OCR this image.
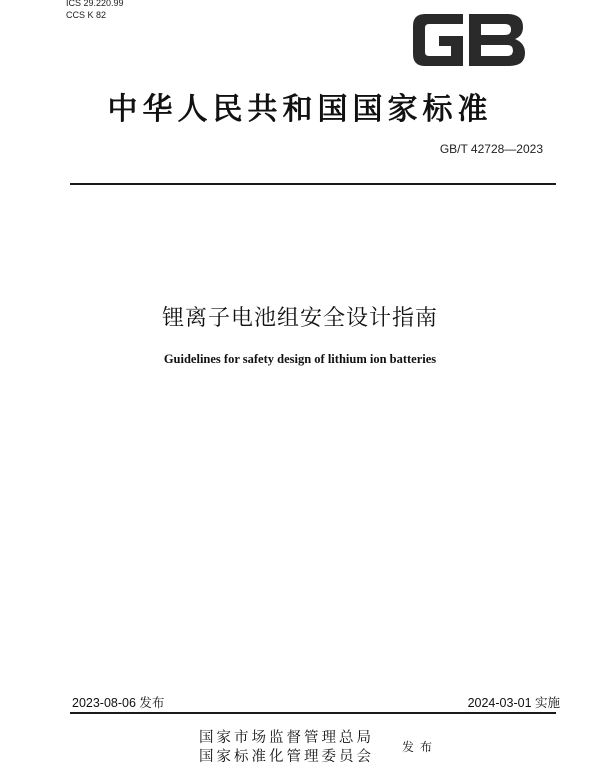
ICS 29.220.99
CCS K 82
中华人民共和国国家标准
GB/T 42728—2023
锂离子电池组安全设计指南
Guidelines for safety design of lithium ion batteries
2023-08-06 发布	2024-03-01 实施
国家市场监督管理总局
国家标准化管理委员会
发布
